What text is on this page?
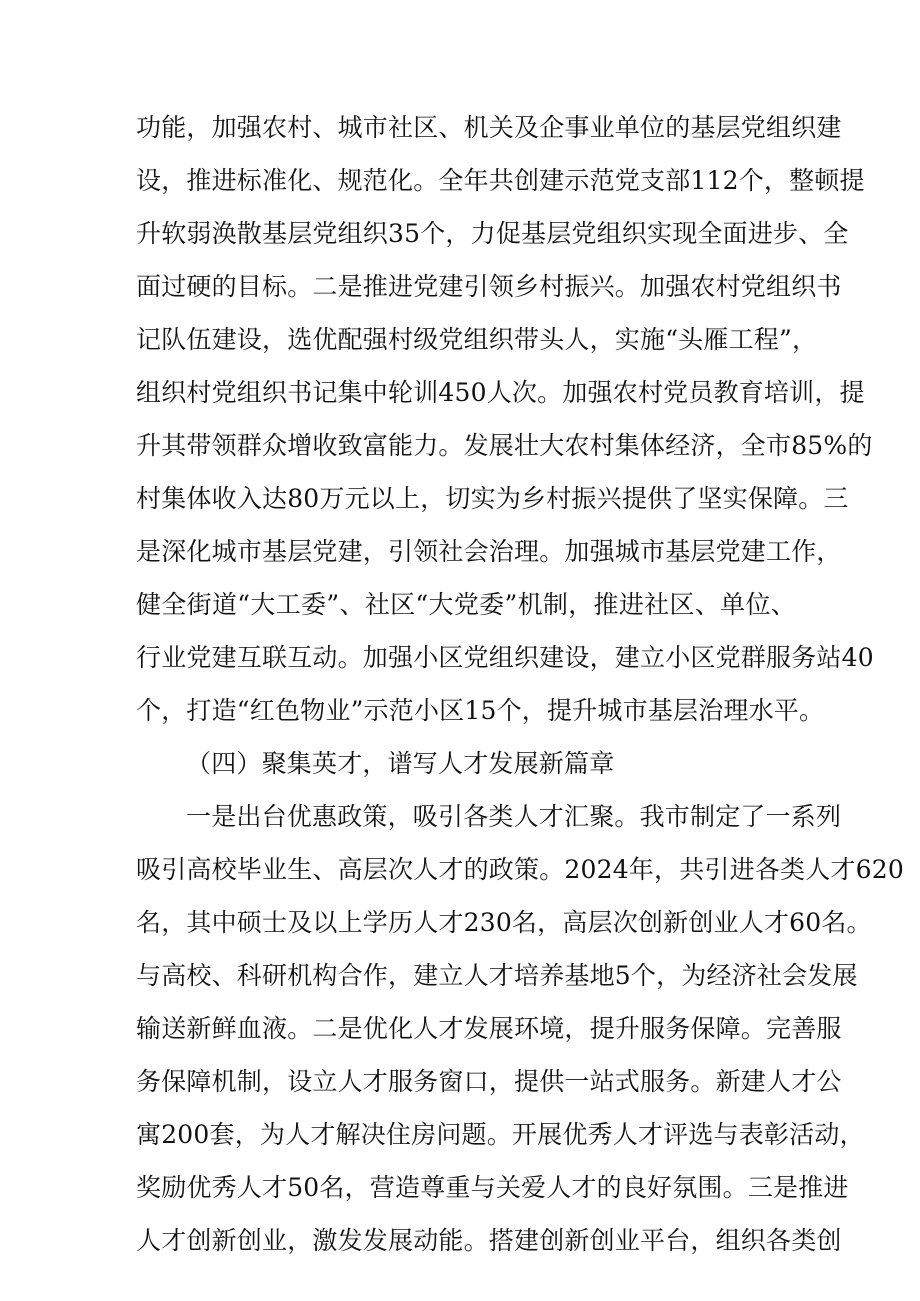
功能，加强农村、城市社区、机关及企事业单位的基层党组织建
设，推进标准化、规范化。全年共创建示范党支部112个，整顿提
升软弱涣散基层党组织35个，力促基层党组织实现全面进步、全
面过硬的目标。二是推进党建引领乡村振兴。加强农村党组织书
记队伍建设，选优配强村级党组织带头人，实施“头雁工程”，
组织村党组织书记集中轮训450人次。加强农村党员教育培训，提
升其带领群众增收致富能力。发展壮大农村集体经济，全市85%的
村集体收入达80万元以上，切实为乡村振兴提供了坚实保障。三
是深化城市基层党建，引领社会治理。加强城市基层党建工作，
健全街道“大工委”、社区“大党委”机制，推进社区、单位、
行业党建互联互动。加强小区党组织建设，建立小区党群服务站40
个，打造“红色物业”示范小区15个，提升城市基层治理水平。
（四）聚集英才，谱写人才发展新篇章
一是出台优惠政策，吸引各类人才汇聚。我市制定了一系列
吸引高校毕业生、高层次人才的政策。2024年，共引进各类人才620
名，其中硕士及以上学历人才230名，高层次创新创业人才60名。
与高校、科研机构合作，建立人才培养基地5个，为经济社会发展
输送新鲜血液。二是优化人才发展环境，提升服务保障。完善服
务保障机制，设立人才服务窗口，提供一站式服务。新建人才公
寓200套，为人才解决住房问题。开展优秀人才评选与表彰活动，
奖励优秀人才50名，营造尊重与关爱人才的良好氛围。三是推进
人才创新创业，激发发展动能。搭建创新创业平台，组织各类创
